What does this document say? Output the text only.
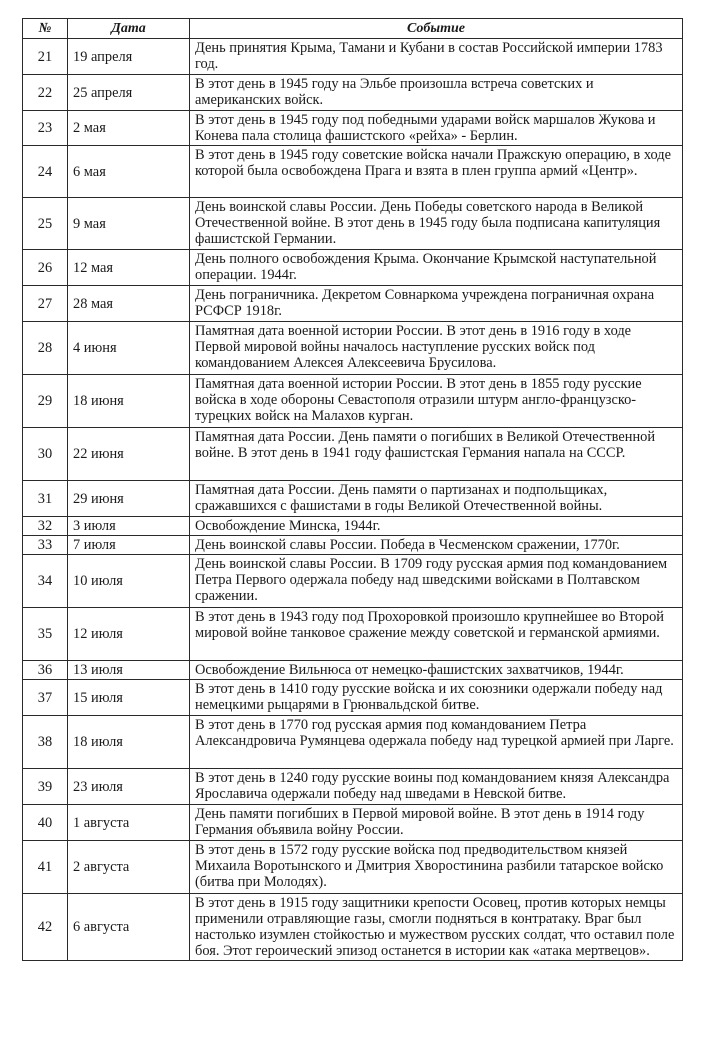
№	Дата	Событие
21	19 апреля	День принятия Крыма, Тамани и Кубани в состав Российской империи 1783 год.
22	25 апреля	В этот день в 1945 году на Эльбе произошла встреча советских и американских войск.
23	2 мая	В этот день в 1945 году под победными ударами войск маршалов Жукова и Конева пала столица фашистского «рейха» - Берлин.
24	6 мая	В этот день в 1945 году советские войска начали Пражскую операцию, в ходе которой была освобождена Прага и взята в плен группа армий «Центр».
25	9 мая	День воинской славы России. День Победы советского народа в Великой Отечественной войне. В этот день в 1945 году была подписана капитуляция фашистской Германии.
26	12 мая	День полного освобождения Крыма. Окончание Крымской наступательной операции. 1944г.
27	28 мая	День пограничника. Декретом Совнаркома учреждена пограничная охрана РСФСР 1918г.
28	4 июня	Памятная дата военной истории России. В этот день в 1916 году в ходе Первой мировой войны началось наступление русских войск под командованием Алексея Алексеевича Брусилова.
29	18 июня	Памятная дата военной истории России. В этот день в 1855 году русские войска в ходе обороны Севастополя отразили штурм англо-французско-турецких войск на Малахов курган.
30	22 июня	Памятная дата России. День памяти о погибших в Великой Отечественной войне. В этот день в 1941 году фашистская Германия напала на СССР.
31	29 июня	Памятная дата России. День памяти о партизанах и подпольщиках, сражавшихся с фашистами в годы Великой Отечественной войны.
32	3 июля	Освобождение Минска, 1944г.
33	7 июля	День воинской славы России. Победа в Чесменском сражении, 1770г.
34	10 июля	День воинской славы России. В 1709 году русская армия под командованием Петра Первого одержала победу над шведскими войсками в Полтавском сражении.
35	12 июля	В этот день в 1943 году под Прохоровкой произошло крупнейшее во Второй мировой войне танковое сражение между советской и германской армиями.
36	13 июля	Освобождение Вильнюса от немецко-фашистских захватчиков, 1944г.
37	15 июля	В этот день в 1410 году русские войска и их союзники одержали победу над немецкими рыцарями в Грюнвальдской битве.
38	18 июля	В этот день в 1770 год русская армия под командованием Петра Александровича Румянцева одержала победу над турецкой армией при Ларге.
39	23 июля	В этот день в 1240 году русские воины под командованием князя Александра Ярославича одержали победу над шведами в Невской битве.
40	1 августа	День памяти погибших в Первой мировой войне. В этот день в 1914 году Германия объявила войну России.
41	2 августа	В этот день в 1572 году русские войска под предводительством князей Михаила Воротынского и Дмитрия Хворостинина разбили татарское войско (битва при Молодях).
42	6 августа	В этот день в 1915 году защитники крепости Осовец, против которых немцы применили отравляющие газы, смогли подняться в контратаку. Враг был настолько изумлен стойкостью и мужеством русских солдат, что оставил поле боя. Этот героический эпизод останется в истории как «атака мертвецов».
